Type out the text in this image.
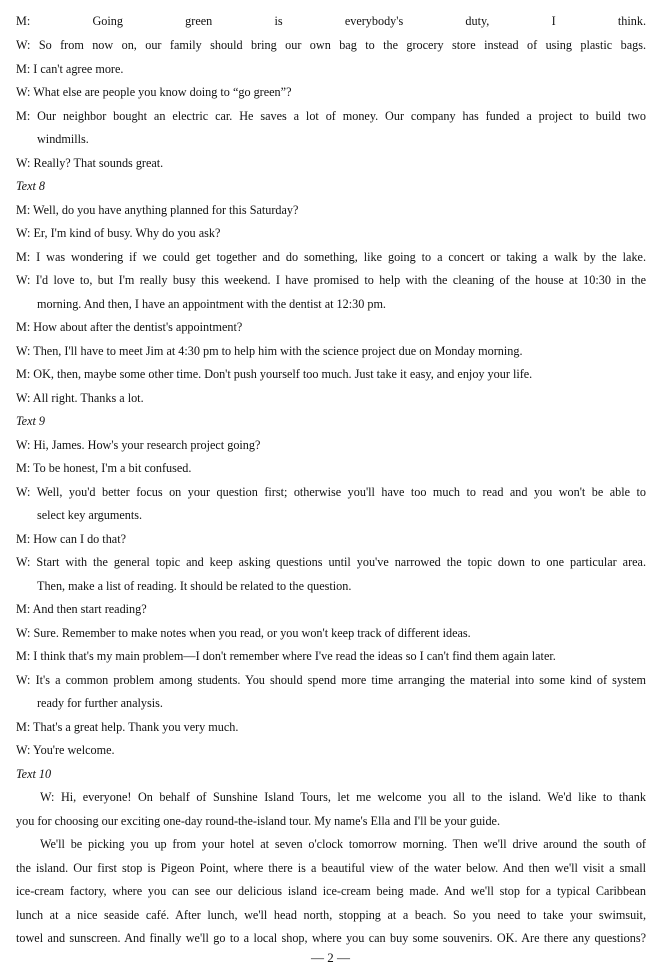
M: Going green is everybody's duty, I think.
W: So from now on, our family should bring our own bag to the grocery store instead of using plastic bags.
M: I can't agree more.
W: What else are people you know doing to “go green”?
M: Our neighbor bought an electric car. He saves a lot of money. Our company has funded a project to build two
windmills.
W: Really? That sounds great.
Text 8
M: Well, do you have anything planned for this Saturday?
W: Er, I'm kind of busy. Why do you ask?
M: I was wondering if we could get together and do something, like going to a concert or taking a walk by the lake.
W: I'd love to, but I'm really busy this weekend. I have promised to help with the cleaning of the house at 10:30 in the
morning. And then, I have an appointment with the dentist at 12:30 pm.
M: How about after the dentist's appointment?
W: Then, I'll have to meet Jim at 4:30 pm to help him with the science project due on Monday morning.
M: OK, then, maybe some other time. Don't push yourself too much. Just take it easy, and enjoy your life.
W: All right. Thanks a lot.
Text 9
W: Hi, James. How's your research project going?
M: To be honest, I'm a bit confused.
W: Well, you'd better focus on your question first; otherwise you'll have too much to read and you won't be able to
select key arguments.
M: How can I do that?
W: Start with the general topic and keep asking questions until you've narrowed the topic down to one particular area.
Then, make a list of reading. It should be related to the question.
M: And then start reading?
W: Sure. Remember to make notes when you read, or you won't keep track of different ideas.
M: I think that's my main problem—I don't remember where I've read the ideas so I can't find them again later.
W: It's a common problem among students. You should spend more time arranging the material into some kind of system
ready for further analysis.
M: That's a great help. Thank you very much.
W: You're welcome.
Text 10
W: Hi, everyone! On behalf of Sunshine Island Tours, let me welcome you all to the island. We'd like to thank
you for choosing our exciting one-day round-the-island tour. My name's Ella and I'll be your guide.
We'll be picking you up from your hotel at seven o'clock tomorrow morning. Then we'll drive around the south of
the island. Our first stop is Pigeon Point, where there is a beautiful view of the water below. And then we'll visit a small
ice-cream factory, where you can see our delicious island ice-cream being made. And we'll stop for a typical Caribbean
lunch at a nice seaside café. After lunch, we'll head north, stopping at a beach. So you need to take your swimsuit,
towel and sunscreen. And finally we'll go to a local shop, where you can buy some souvenirs. OK. Are there any questions?
— 2 —
